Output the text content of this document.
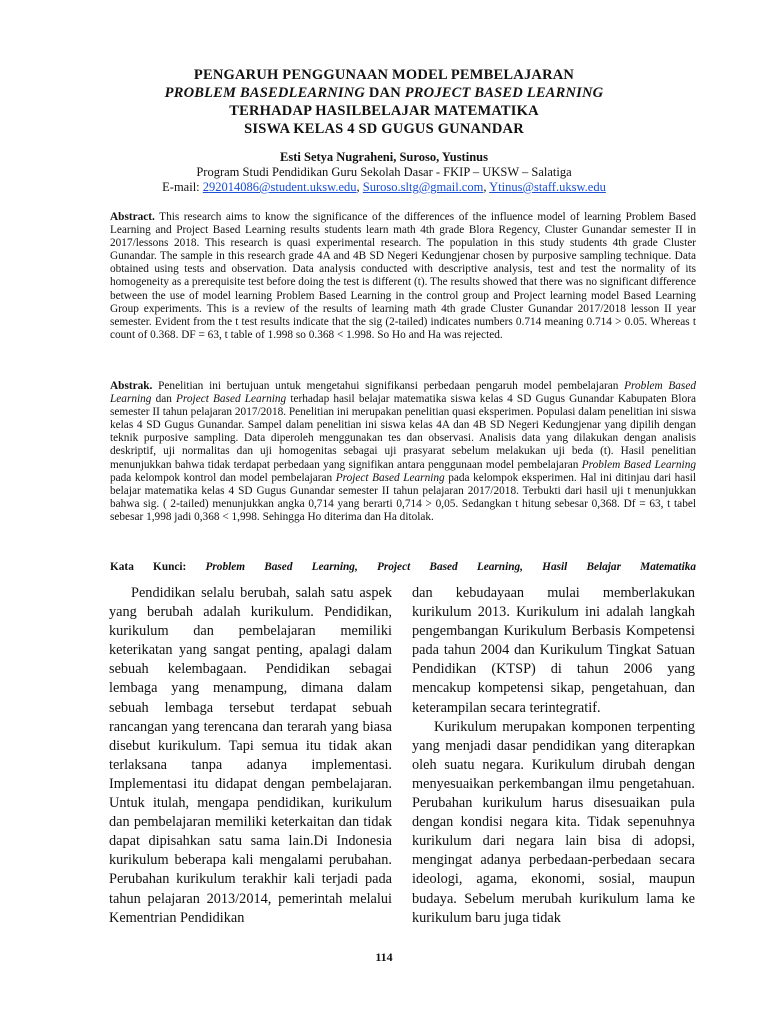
PENGARUH PENGGUNAAN MODEL PEMBELAJARAN
PROBLEM BASEDLEARNING DAN PROJECT BASED LEARNING
TERHADAP HASILBELAJAR MATEMATIKA
SISWA KELAS 4 SD GUGUS GUNANDAR
Esti Setya Nugraheni, Suroso, Yustinus
Program Studi Pendidikan Guru Sekolah Dasar - FKIP – UKSW – Salatiga
E-mail: 292014086@student.uksw.edu, Suroso.sltg@gmail.com, Ytinus@staff.uksw.edu
Abstract. This research aims to know the significance of the differences of the influence model of learning Problem Based Learning and Project Based Learning results students learn math 4th grade Blora Regency, Cluster Gunandar semester II in 2017/lessons 2018. This research is quasi experimental research. The population in this study students 4th grade Cluster Gunandar. The sample in this research grade 4A and 4B SD Negeri Kedungjenar chosen by purposive sampling technique. Data obtained using tests and observation. Data analysis conducted with descriptive analysis, test and test the normality of its homogeneity as a prerequisite test before doing the test is different (t). The results showed that there was no significant difference between the use of model learning Problem Based Learning in the control group and Project learning model Based Learning Group experiments. This is a review of the results of learning math 4th grade Cluster Gunandar 2017/2018 lesson II year semester. Evident from the t test results indicate that the sig (2-tailed) indicates numbers 0.714 meaning 0.714 > 0.05. Whereas t count of 0.368. DF = 63, t table of 1.998 so 0.368 < 1.998. So Ho and Ha was rejected.
Abstrak. Penelitian ini bertujuan untuk mengetahui signifikansi perbedaan pengaruh model pembelajaran Problem Based Learning dan Project Based Learning terhadap hasil belajar matematika siswa kelas 4 SD Gugus Gunandar Kabupaten Blora semester II tahun pelajaran 2017/2018. Penelitian ini merupakan penelitian quasi eksperimen. Populasi dalam penelitian ini siswa kelas 4 SD Gugus Gunandar. Sampel dalam penelitian ini siswa kelas 4A dan 4B SD Negeri Kedungjenar yang dipilih dengan teknik purposive sampling. Data diperoleh menggunakan tes dan observasi. Analisis data yang dilakukan dengan analisis deskriptif, uji normalitas dan uji homogenitas sebagai uji prasyarat sebelum melakukan uji beda (t). Hasil penelitian menunjukkan bahwa tidak terdapat perbedaan yang signifikan antara penggunaan model pembelajaran Problem Based Learning pada kelompok kontrol dan model pembelajaran Project Based Learning pada kelompok eksperimen. Hal ini ditinjau dari hasil belajar matematika kelas 4 SD Gugus Gunandar semester II tahun pelajaran 2017/2018. Terbukti dari hasil uji t menunjukkan bahwa sig. ( 2-tailed) menunjukkan angka 0,714 yang berarti 0,714 > 0,05. Sedangkan t hitung sebesar 0,368. Df = 63, t tabel sebesar 1,998 jadi 0,368 < 1,998. Sehingga Ho diterima dan Ha ditolak.
Kata Kunci: Problem Based Learning, Project Based Learning, Hasil Belajar Matematika

Pendidikan selalu berubah, salah satu aspek yang berubah adalah kurikulum. Pendidikan, kurikulum dan pembelajaran memiliki keterikatan yang sangat penting, apalagi dalam sebuah kelembagaan. Pendidikan sebagai lembaga yang menampung, dimana dalam sebuah lembaga tersebut terdapat sebuah rancangan yang terencana dan terarah yang biasa disebut kurikulum. Tapi semua itu tidak akan terlaksana tanpa adanya implementasi. Implementasi itu didapat dengan pembelajaran. Untuk itulah, mengapa pendidikan, kurikulum dan pembelajaran memiliki keterkaitan dan tidak dapat dipisahkan satu sama lain.Di Indonesia kurikulum beberapa kali mengalami perubahan. Perubahan kurikulum terakhir kali terjadi pada tahun pelajaran 2013/2014, pemerintah melalui Kementrian Pendidikan

dan kebudayaan mulai memberlakukan kurikulum 2013. Kurikulum ini adalah langkah pengembangan Kurikulum Berbasis Kompetensi pada tahun 2004 dan Kurikulum Tingkat Satuan Pendidikan (KTSP) di tahun 2006 yang mencakup kompetensi sikap, pengetahuan, dan keterampilan secara terintegratif.

Kurikulum merupakan komponen terpenting yang menjadi dasar pendidikan yang diterapkan oleh suatu negara. Kurikulum dirubah dengan menyesuaikan perkembangan ilmu pengetahuan. Perubahan kurikulum harus disesuaikan pula dengan kondisi negara kita. Tidak sepenuhnya kurikulum dari negara lain bisa di adopsi, mengingat adanya perbedaan-perbedaan secara ideologi, agama, ekonomi, sosial, maupun budaya. Sebelum merubah kurikulum lama ke kurikulum baru juga tidak

114
